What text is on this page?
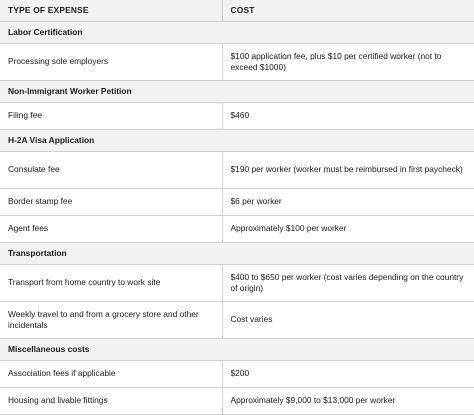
TYPE OF EXPENSE	COST
Labor Certification	
Processing sole employers	$100 application fee, plus $10 per certified worker (not to exceed $1000)
Non-Immigrant Worker Petition	
Filing fee	$460
H-2A Visa Application	
Consulate fee	$190 per worker (worker must be reimbursed in first paycheck)
Border stamp fee	$6 per worker
Agent fees	Approximately $100 per worker
Transportation	
Transport from home country to work site	$400 to $650 per worker (cost varies depending on the country of origin)
Weekly travel to and from a grocery store and other incidentals	Cost varies
Miscellaneous costs	
Association fees if applicable	$200
Housing and livable fittings	Approximately $9,000 to $13,000 per worker
